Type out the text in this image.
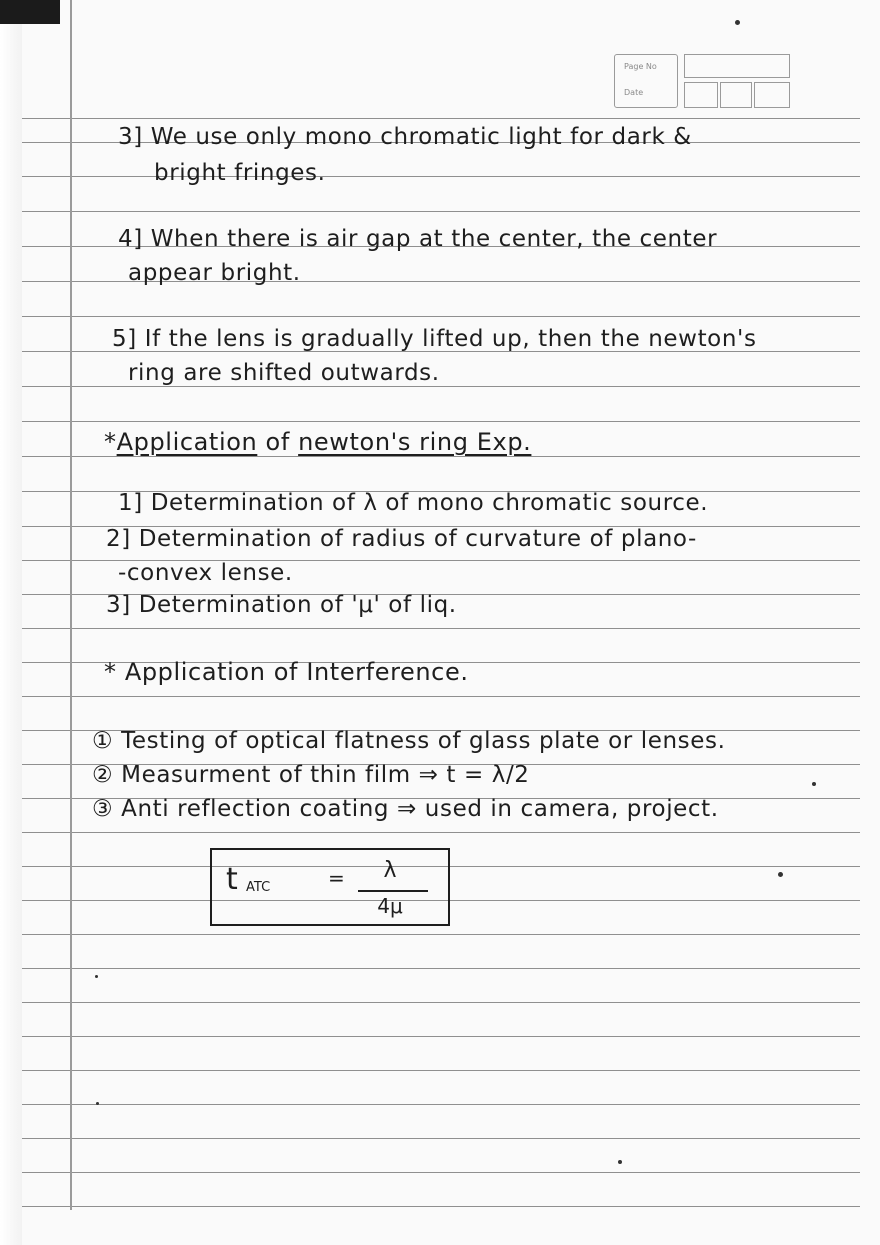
Page No
Date
3] We use only mono chromatic light for dark &
bright fringes.
4] When there is air gap at the center, the center
appear bright.
5] If the lens is gradually lifted up, then the newton's
ring are shifted outwards.
*Application of newton's ring Exp.
1] Determination of λ of mono chromatic source.
2] Determination of radius of curvature of plano-
-convex lense.
3] Determination of 'μ' of liq.
* Application of Interference.
① Testing of optical flatness of glass plate or lenses.
② Measurment of thin film ⇒ t = λ/2
③ Anti reflection coating ⇒ used in camera, project.
t ATC	=	λ
4μ
